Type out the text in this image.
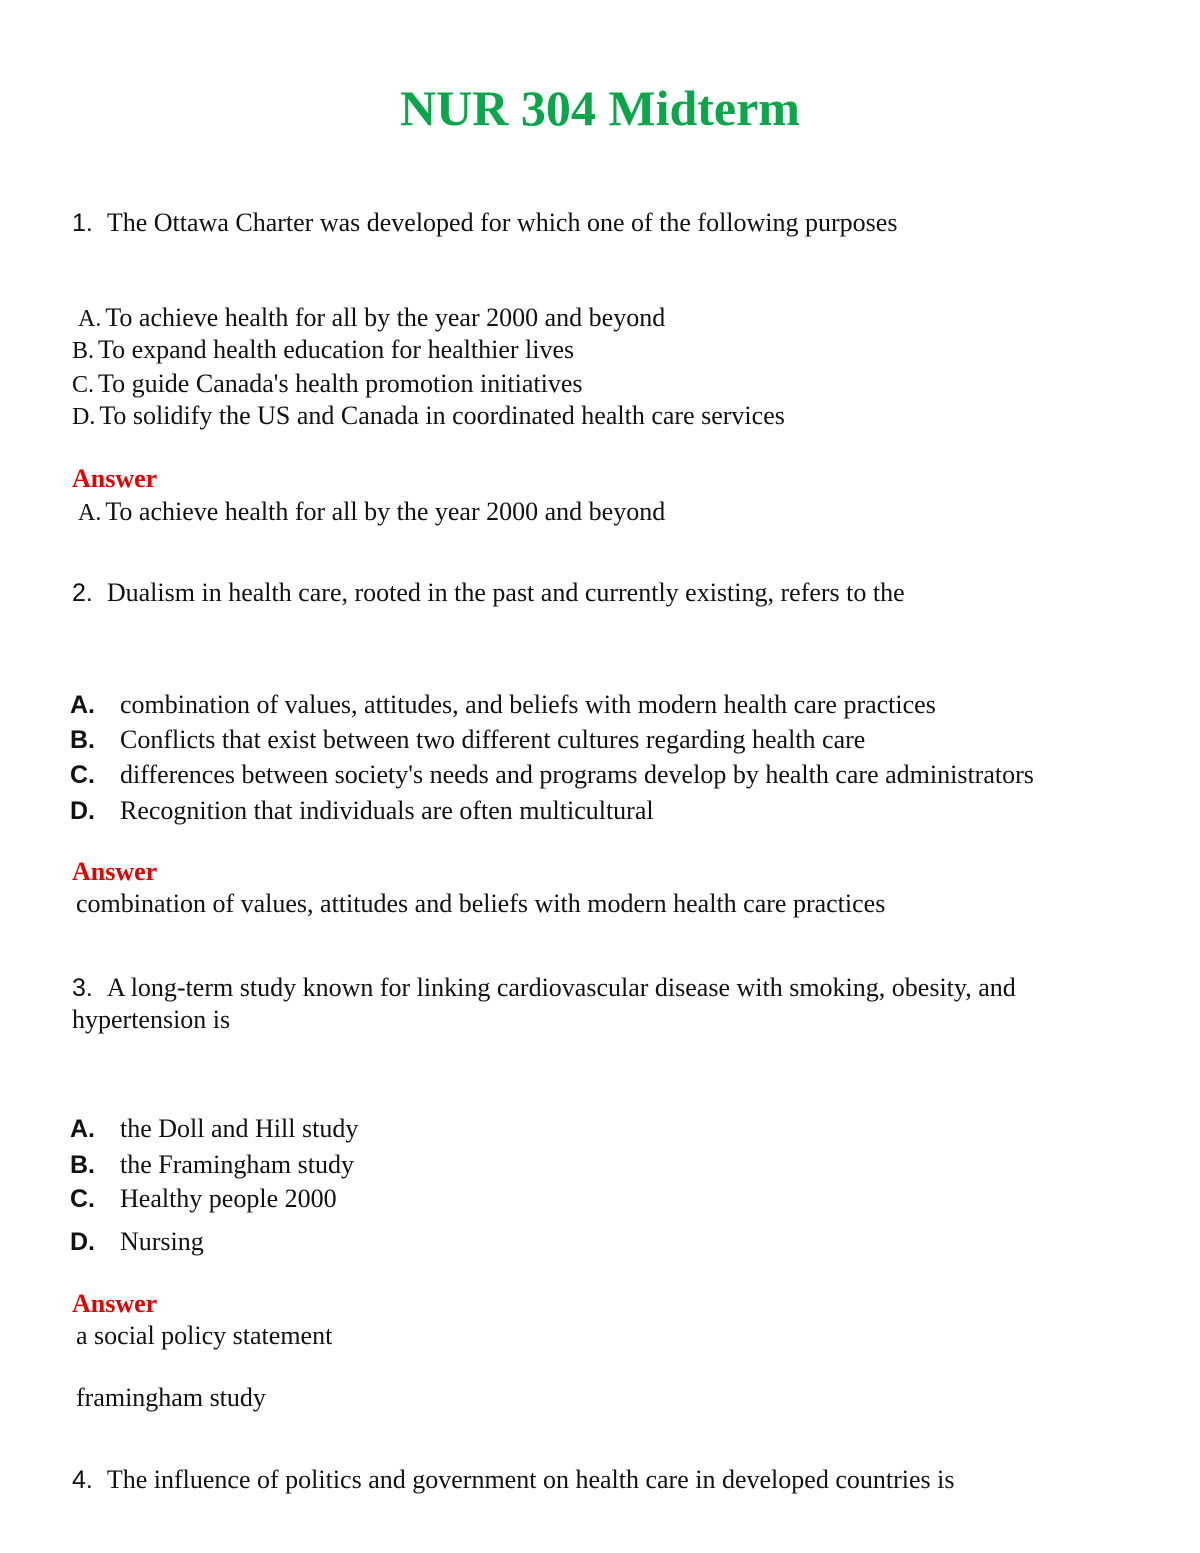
NUR 304 Midterm
1. The Ottawa Charter was developed for which one of the following purposes
A. To achieve health for all by the year 2000 and beyond
B. To expand health education for healthier lives
C. To guide Canada's health promotion initiatives
D. To solidify the US and Canada in coordinated health care services
Answer
A. To achieve health for all by the year 2000 and beyond
2. Dualism in health care, rooted in the past and currently existing, refers to the
A. combination of values, attitudes, and beliefs with modern health care practices
B. Conflicts that exist between two different cultures regarding health care
C. differences between society's needs and programs develop by health care administrators
D. Recognition that individuals are often multicultural
Answer
combination of values, attitudes and beliefs with modern health care practices
3. A long-term study known for linking cardiovascular disease with smoking, obesity, and
hypertension is
A. the Doll and Hill study
B. the Framingham study
C. Healthy people 2000
D. Nursing
Answer
a social policy statement
framingham study
4. The influence of politics and government on health care in developed countries is
